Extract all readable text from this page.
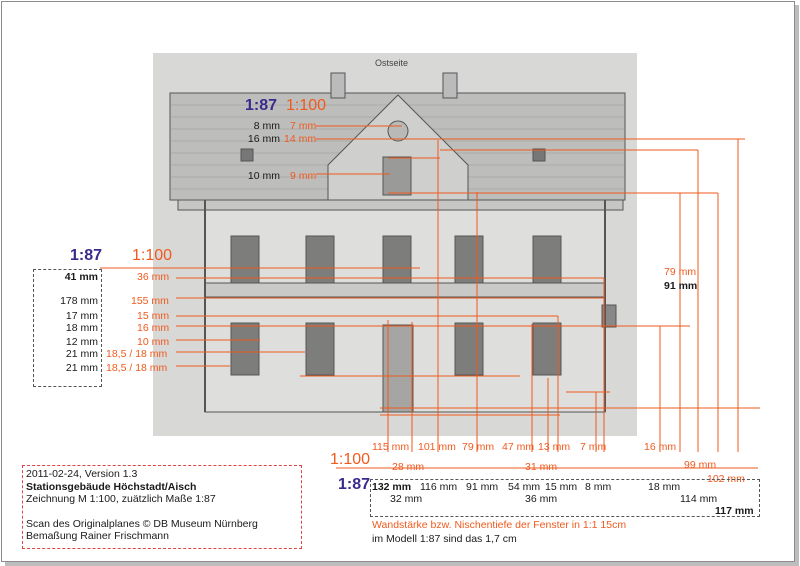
Ostseite
1:87 1:100
8 mm 7 mm
16 mm 14 mm
10 mm 9 mm
1:87 1:100
41 mm	36 mm
178 mm	155 mm
17 mm	15 mm
18 mm	16 mm
12 mm	10 mm
21 mm 18,5 / 18 mm
21 mm 18,5 / 18 mm
79 mm
91 mm
115 mm 101 mm 79 mm 47 mm 13 mm 7 mm	16 mm
28 mm	31 mm	99 mm
102 mm
1:100
1:87 132 mm 116 mm 91 mm 54 mm 15 mm 8 mm	18 mm
32 mm	36 mm	114 mm
117 mm
Wandstärke bzw. Nischentiefe der Fenster in 1:1 15cm
im Modell 1:87 sind das 1,7 cm
2011-02-24, Version 1.3
Stationsgebäude Höchstadt/Aisch
Zeichnung M 1:100, zuätzlich Maße 1:87
Scan des Originalplanes © DB Museum Nürnberg
Bemaßung Rainer Frischmann
